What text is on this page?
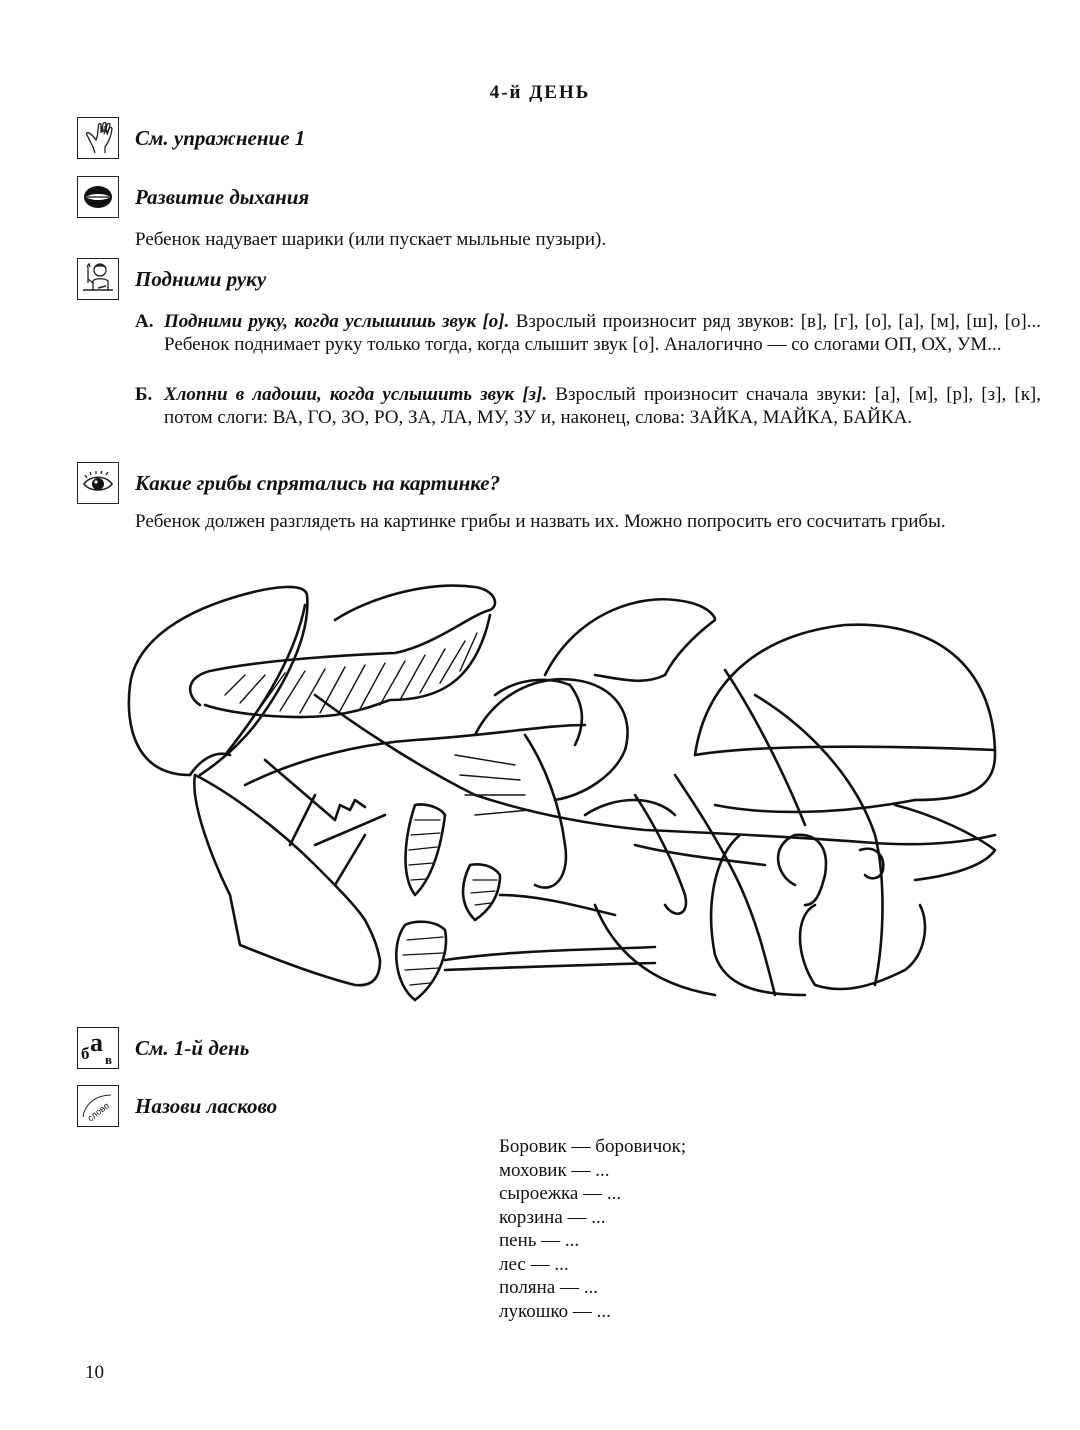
4-й ДЕНЬ
См. упражнение 1
Развитие дыхания
Ребенок надувает шарики (или пускает мыльные пузыри).
Подними руку
А. Подними руку, когда услышишь звук [о]. Взрослый произносит ряд звуков: [в], [г], [о], [а], [м], [ш], [о]... Ребенок поднимает руку только тогда, когда слышит звук [о]. Аналогично — со слогами ОП, ОХ, УМ...
Б. Хлопни в ладоши, когда услышить звук [з]. Взрослый произносит сначала звуки: [а], [м], [р], [з], [к], потом слоги: ВА, ГО, ЗО, РО, ЗА, ЛА, МУ, ЗУ и, наконец, слова: ЗАЙКА, МАЙКА, БАЙКА.
Какие грибы спрятались на картинке?
Ребенок должен разглядеть на картинке грибы и назвать их. Можно попросить его сосчитать грибы.
б а
в См. 1-й день
слово Назови ласково
Боровик — боровичок;
моховик — ...
сыроежка — ...
корзина — ...
пень — ...
лес — ...
поляна — ...
лукошко — ...
10
